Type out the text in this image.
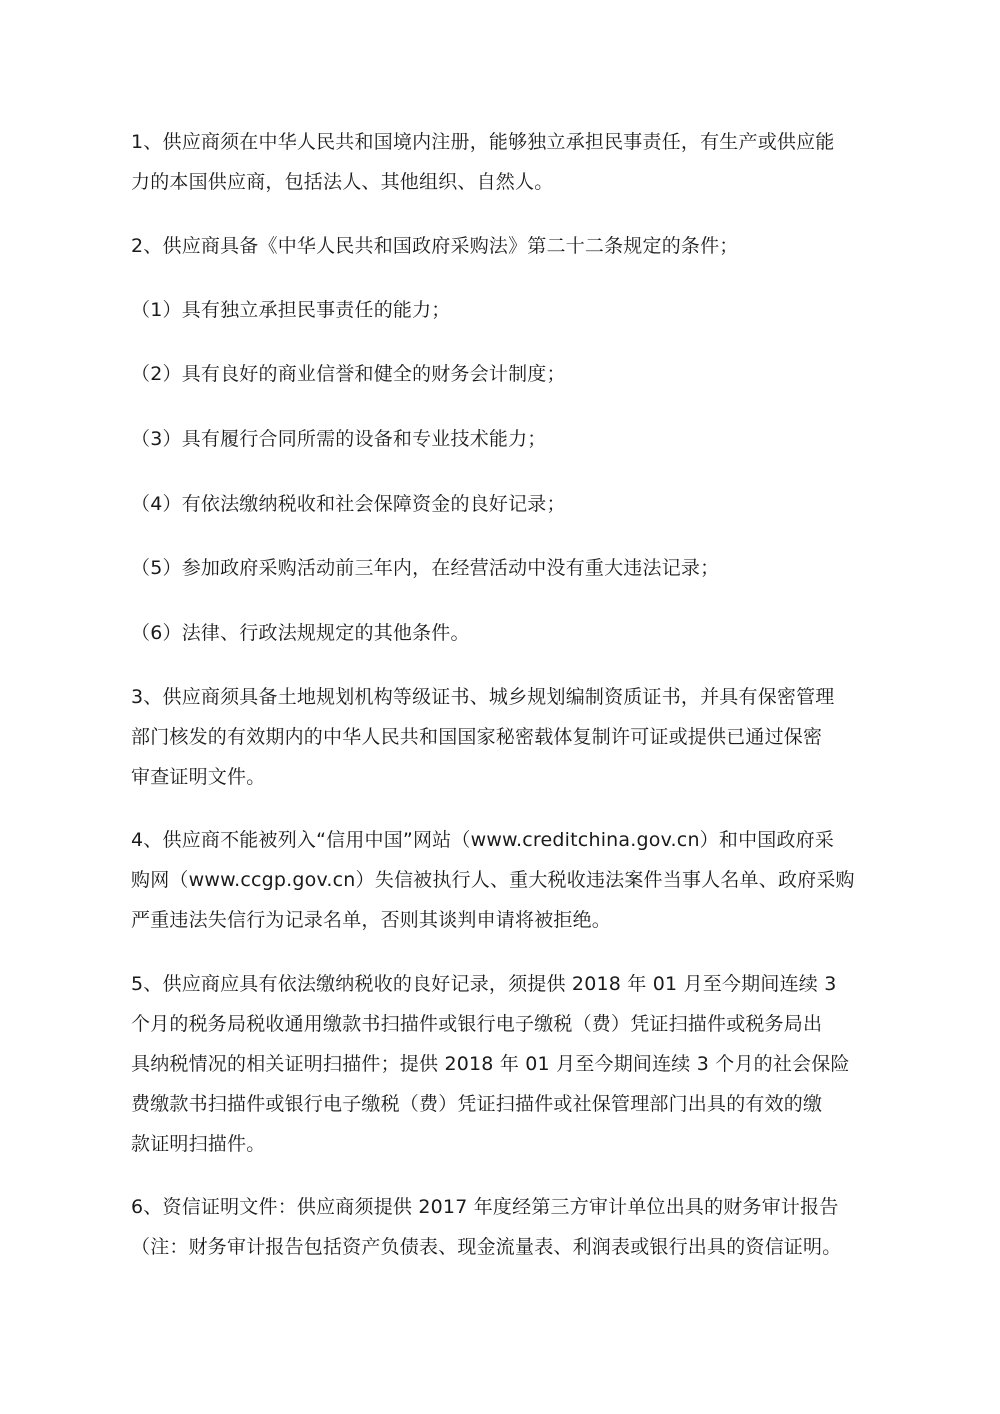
1、供应商须在中华人民共和国境内注册，能够独立承担民事责任，有生产或供应能
力的本国供应商，包括法人、其他组织、自然人。
2、供应商具备《中华人民共和国政府采购法》第二十二条规定的条件；
（1）具有独立承担民事责任的能力；
（2）具有良好的商业信誉和健全的财务会计制度；
（3）具有履行合同所需的设备和专业技术能力；
（4）有依法缴纳税收和社会保障资金的良好记录；
（5）参加政府采购活动前三年内，在经营活动中没有重大违法记录；
（6）法律、行政法规规定的其他条件。
3、供应商须具备土地规划机构等级证书、城乡规划编制资质证书，并具有保密管理
部门核发的有效期内的中华人民共和国国家秘密载体复制许可证或提供已通过保密
审查证明文件。
4、供应商不能被列入“信用中国”网站（www.creditchina.gov.cn）和中国政府采
购网（www.ccgp.gov.cn）失信被执行人、重大税收违法案件当事人名单、政府采购
严重违法失信行为记录名单，否则其谈判申请将被拒绝。
5、供应商应具有依法缴纳税收的良好记录，须提供 2018 年 01 月至今期间连续 3
个月的税务局税收通用缴款书扫描件或银行电子缴税（费）凭证扫描件或税务局出
具纳税情况的相关证明扫描件；提供 2018 年 01 月至今期间连续 3 个月的社会保险
费缴款书扫描件或银行电子缴税（费）凭证扫描件或社保管理部门出具的有效的缴
款证明扫描件。
6、资信证明文件：供应商须提供 2017 年度经第三方审计单位出具的财务审计报告
（注：财务审计报告包括资产负债表、现金流量表、利润表或银行出具的资信证明。
